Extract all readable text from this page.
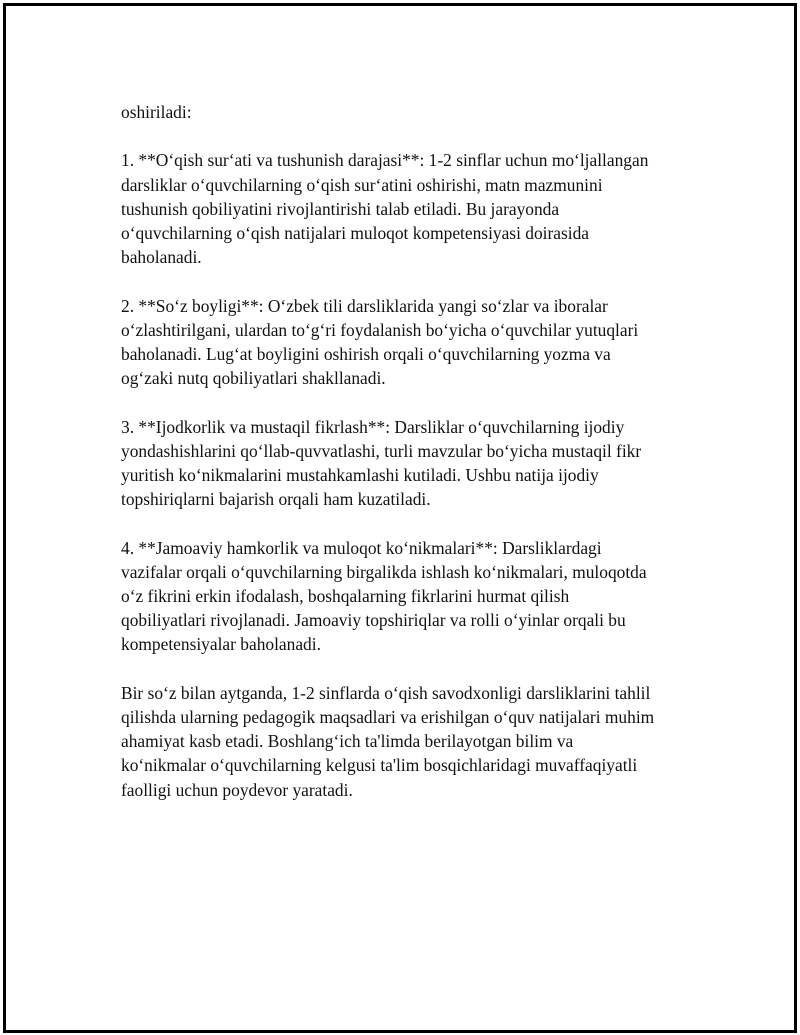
oshiriladi:

1. **O‘qish sur‘ati va tushunish darajasi**: 1-2 sinflar uchun mo‘ljallangan
darsliklar o‘quvchilarning o‘qish sur‘atini oshirishi, matn mazmunini
tushunish qobiliyatini rivojlantirishi talab etiladi. Bu jarayonda
o‘quvchilarning o‘qish natijalari muloqot kompetensiyasi doirasida
baholanadi.

2. **So‘z boyligi**: O‘zbek tili darsliklarida yangi so‘zlar va iboralar
o‘zlashtirilgani, ulardan to‘g‘ri foydalanish bo‘yicha o‘quvchilar yutuqlari
baholanadi. Lug‘at boyligini oshirish orqali o‘quvchilarning yozma va
og‘zaki nutq qobiliyatlari shakllanadi.

3. **Ijodkorlik va mustaqil fikrlash**: Darsliklar o‘quvchilarning ijodiy
yondashishlarini qo‘llab-quvvatlashi, turli mavzular bo‘yicha mustaqil fikr
yuritish ko‘nikmalarini mustahkamlashi kutiladi. Ushbu natija ijodiy
topshiriqlarni bajarish orqali ham kuzatiladi.

4. **Jamoaviy hamkorlik va muloqot ko‘nikmalari**: Darsliklardagi
vazifalar orqali o‘quvchilarning birgalikda ishlash ko‘nikmalari, muloqotda
o‘z fikrini erkin ifodalash, boshqalarning fikrlarini hurmat qilish
qobiliyatlari rivojlanadi. Jamoaviy topshiriqlar va rolli o‘yinlar orqali bu
kompetensiyalar baholanadi.

Bir so‘z bilan aytganda, 1-2 sinflarda o‘qish savodxonligi darsliklarini tahlil
qilishda ularning pedagogik maqsadlari va erishilgan o‘quv natijalari muhim
ahamiyat kasb etadi. Boshlang‘ich ta'limda berilayotgan bilim va
ko‘nikmalar o‘quvchilarning kelgusi ta'lim bosqichlaridagi muvaffaqiyatli
faolligi uchun poydevor yaratadi.
